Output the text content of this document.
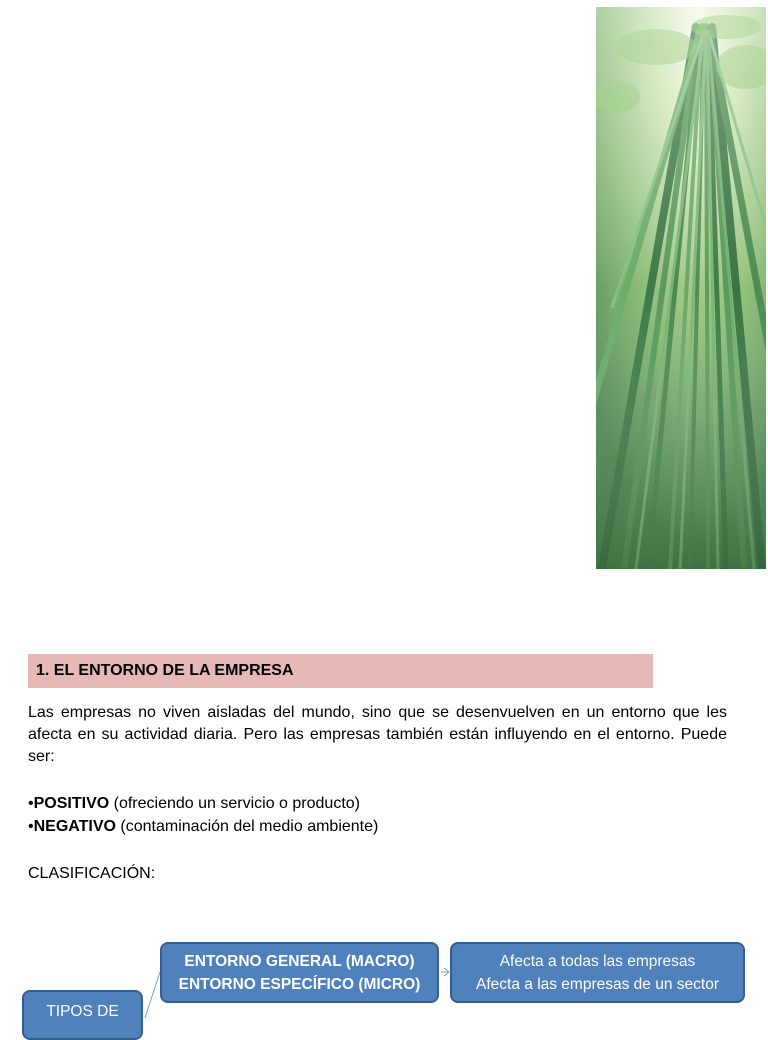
1. EL ENTORNO DE LA EMPRESA

Las empresas no viven aisladas del mundo, sino que se desenvuelven en un entorno que les afecta en su actividad diaria. Pero las empresas también están influyendo en el entorno. Puede ser:

•POSITIVO (ofreciendo un servicio o producto)

•NEGATIVO (contaminación del medio ambiente)

CLASIFICACIÓN:
TIPOS DE
ENTORNO GENERAL (MACRO)
ENTORNO ESPECÍFICO (MICRO)
Afecta a todas las empresas
Afecta a las empresas de un sector
